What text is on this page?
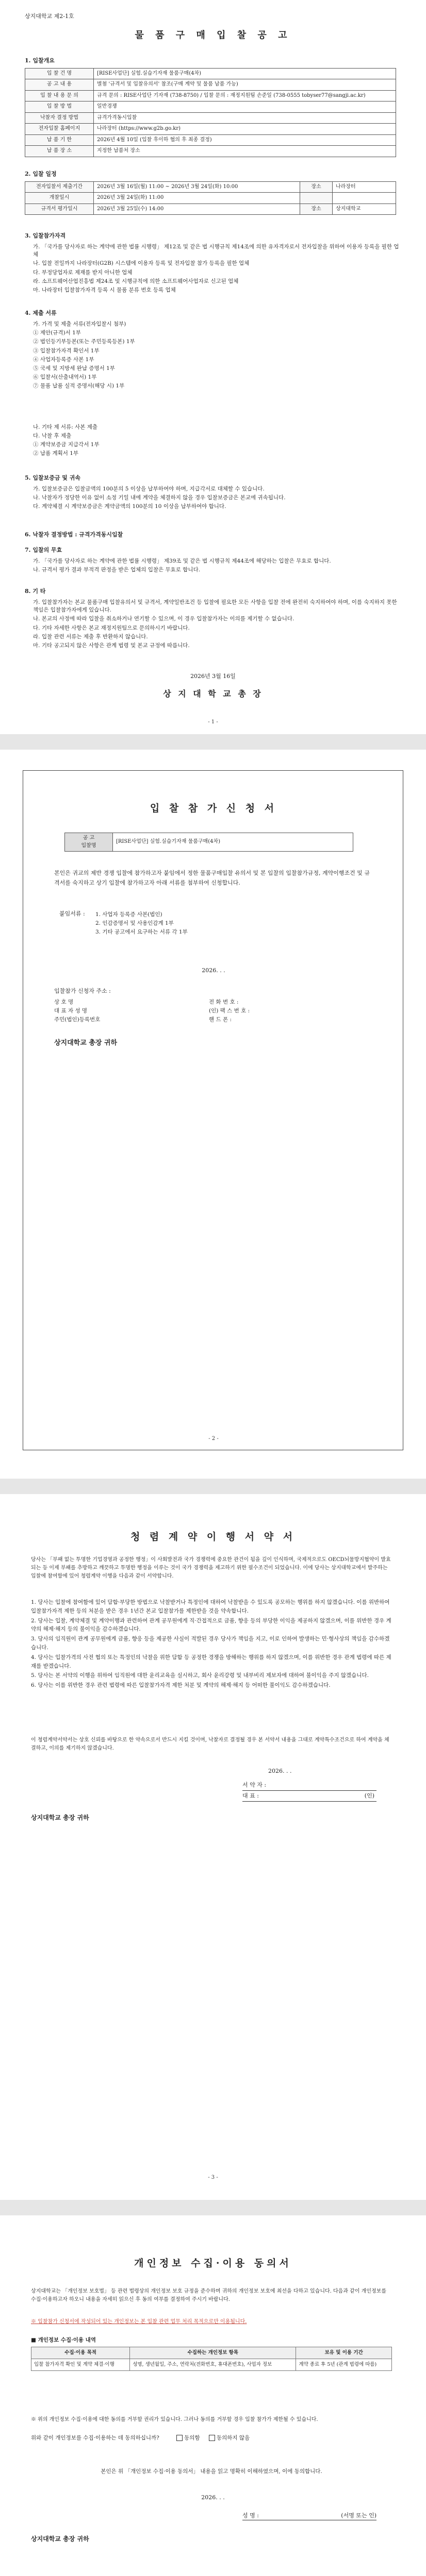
상지대학교 제2-1호
물 품 구 매 입 찰 공 고
1. 입찰개요
입 찰 건 명	[RISE사업단] 실험.실습기자재 물품구매(4차)
공 고 내 용	별첨 '규격서 및 입찰유의서' 참조(구매 계약 및 물품 납품 가능)
입 찰 내 용 문 의	규격 문의 : RISE사업단 기자재 (738-8750) / 입찰 문의 : 재정지원팀 손준일 (738-0555 tobyser77@sangji.ac.kr)
입 찰 방 법	일반경쟁
낙찰자 결정 방법	규격가격동시입찰
전자입찰 홈페이지	나라장터 (https://www.g2b.go.kr)
납 품 기 한	2026년 4월 10일 (입찰 후이하 협의 후 최종 결정)
납 품 장 소	지정한 납품처 장소
2. 입찰 일정
전자입찰서 제출기간	2026년 3월 16일(월) 11:00 ~ 2026년 3월 24일(화) 10:00	장소	나라장터
개찰일시	2026년 3월 24일(화) 11:00		
규격서 평가일시	2026년 3월 25일(수) 14:00	장소	상지대학교
3. 입찰참가자격
가. 「국가를 당사자로 하는 계약에 관한 법률 시행령」 제12조 및 같은 법 시행규칙 제14조에 의한 유자격자로서 전자입찰을 위하여 이용자 등록을 필한 업체
나. 입찰 전일까지 나라장터(G2B) 시스템에 이용자 등록 및 전자입찰 참가 등록을 필한 업체
다. 부정당업자로 제재를 받지 아니한 업체
라. 소프트웨어산업진흥법 제24조 및 시행규칙에 의한 소프트웨어사업자로 신고된 업체
마. 나라장터 입찰참가자격 등록 시 물품 분류 번호 등록 업체
4. 제출 서류
가. 가격 및 제출 서류(전자입찰시 첨부)
① 제안(규격)서 1부
② 법인등기부등본(또는 주민등록등본) 1부
③ 입찰참가자격 확인서 1부
④ 사업자등록증 사본 1부
⑤ 국세 및 지방세 완납 증명서 1부
⑥ 입찰서(산출내역서) 1부
⑦ 물품 납품 실적 증명서(해당 시) 1부
나. 기타 제 서류: 사본 제출
다. 낙찰 후 제출
① 계약보증금 지급각서 1부
② 납품 계획서 1부
5. 입찰보증금 및 귀속
가. 입찰보증금은 입찰금액의 100분의 5 이상을 납부하여야 하며, 지급각서로 대체할 수 있습니다.
나. 낙찰자가 정당한 이유 없이 소정 기일 내에 계약을 체결하지 않을 경우 입찰보증금은 본교에 귀속됩니다.
다. 계약체결 시 계약보증금은 계약금액의 100분의 10 이상을 납부하여야 합니다.
6. 낙찰자 결정방법 : 규격가격동시입찰
7. 입찰의 무효
가. 「국가를 당사자로 하는 계약에 관한 법률 시행령」 제39조 및 같은 법 시행규칙 제44조에 해당하는 입찰은 무효로 합니다.
나. 규격서 평가 결과 부적격 판정을 받은 업체의 입찰은 무효로 합니다.
8. 기 타
가. 입찰참가자는 본교 물품구매 입찰유의서 및 규격서, 계약일반조건 등 입찰에 필요한 모든 사항을 입찰 전에 완전히 숙지하여야 하며, 이를 숙지하지 못한 책임은 입찰참가자에게 있습니다.
나. 본교의 사정에 따라 입찰을 취소하거나 연기할 수 있으며, 이 경우 입찰참가자는 이의를 제기할 수 없습니다.
다. 기타 자세한 사항은 본교 재정지원팀으로 문의하시기 바랍니다.
라. 입찰 관련 서류는 제출 후 반환하지 않습니다.
마. 기타 공고되지 않은 사항은 관계 법령 및 본교 규정에 따릅니다.
2026년 3월 16일
상 지 대 학 교 총 장
- 1 -
입 찰 참 가 신 청 서
공 고
입찰명
	[RISE사업단] 실험.실습기자재 물품구매(4차)
본인은 귀교의 제반 경쟁 입찰에 참가하고자 붙임에서 정한 물품구매입찰 유의서 및 본 입찰의 입찰참가규정, 계약이행조건 및 규격서를 숙지하고 상기 입찰에 참가하고자 아래 서류를 첨부하여 신청합니다.
붙임서류 : 1. 사업자 등록증 사본(법인)
2. 인감증명서 및 사용인감계 1부
3. 기타 공고에서 요구하는 서류 각 1부
2026. . .
입찰참가 신청자 주소 :
상 호 명	전 화 번 호 :
대 표 자 성 명	(인) 팩 스 번 호 :
주민(법인)등록번호	핸 드 폰 :
상지대학교 총장 귀하
- 2 -
청 렴 계 약 이 행 서 약 서
당사는 「부패 없는 투명한 기업경영과 공정한 행정」이 사회발전과 국가 경쟁력에 중요한 관건이 됨을 깊이 인식하며, 국제적으로도 OECD뇌물방지협약이 발효되는 등 이제 부패를 추방하고 깨끗하고 투명한 행정을 이루는 것이 국가 경쟁력을 제고하기 위한 필수조건이 되었습니다. 이에 당사는 상지대학교에서 발주하는 입찰에 참여함에 있어 청렴계약 이행을 다음과 같이 서약합니다.
1. 당사는 입찰에 참여함에 있어 담합·부당한 방법으로 낙찰받거나 특정인에 대하여 낙찰받을 수 있도록 공모하는 행위를 하지 않겠습니다. 이를 위반하여 입찰참가자격 제한 등의 처분을 받은 경우 1년간 본교 입찰참가를 제한받을 것을 약속합니다.
2. 당사는 입찰, 계약체결 및 계약이행과 관련하여 관계 공무원에게 직·간접적으로 금품, 향응 등의 부당한 이익을 제공하지 않겠으며, 이를 위반한 경우 계약의 해제·해지 등의 불이익을 감수하겠습니다.
3. 당사의 임직원이 관계 공무원에게 금품, 향응 등을 제공한 사실이 적발된 경우 당사가 책임을 지고, 이로 인하여 발생하는 민·형사상의 책임을 감수하겠습니다.
4. 당사는 입찰가격의 사전 협의 또는 특정인의 낙찰을 위한 담합 등 공정한 경쟁을 방해하는 행위를 하지 않겠으며, 이를 위반한 경우 관계 법령에 따른 제재를 받겠습니다.
5. 당사는 본 서약의 이행을 위하여 임직원에 대한 윤리교육을 실시하고, 회사 윤리강령 및 내부비리 제보자에 대하여 불이익을 주지 않겠습니다.
6. 당사는 이를 위반한 경우 관련 법령에 따른 입찰참가자격 제한 처분 및 계약의 해제·해지 등 어떠한 불이익도 감수하겠습니다.
이 청렴계약서약서는 상호 신뢰를 바탕으로 한 약속으로서 반드시 지킬 것이며, 낙찰자로 결정될 경우 본 서약서 내용을 그대로 계약특수조건으로 하여 계약을 체결하고, 이의를 제기하지 않겠습니다.
2026. . .
서 약 자 :
대 표 :	(인)
상지대학교 총장 귀하
- 3 -
개인정보 수집·이용 동의서
상지대학교는 「개인정보 보호법」 등 관련 법령상의 개인정보 보호 규정을 준수하며 귀하의 개인정보 보호에 최선을 다하고 있습니다. 다음과 같이 개인정보를 수집·이용하고자 하오니 내용을 자세히 읽으신 후 동의 여부를 결정하여 주시기 바랍니다.
※ 입찰참가 신청서에 작성되어 있는 개인정보는 본 입찰 관련 업무 처리 목적으로만 이용됩니다.
■ 개인정보 수집·이용 내역
수집·이용 목적	수집하는 개인정보 항목	보유 및 이용 기간
입찰 참가자격 확인 및 계약 체결·이행	성명, 생년월일, 주소, 연락처(전화번호, 휴대폰번호), 사업자 정보	계약 종료 후 5년 (관계 법령에 따름)
※ 위의 개인정보 수집·이용에 대한 동의를 거부할 권리가 있습니다. 그러나 동의를 거부할 경우 입찰 참가가 제한될 수 있습니다.
위와 같이 개인정보를 수집·이용하는 데 동의하십니까?	동의함	동의하지 않음
본인은 위 「개인정보 수집·이용 동의서」 내용을 읽고 명확히 이해하였으며, 이에 동의합니다.
2026. . .
성 명 :	(서명 또는 인)
상지대학교 총장 귀하
